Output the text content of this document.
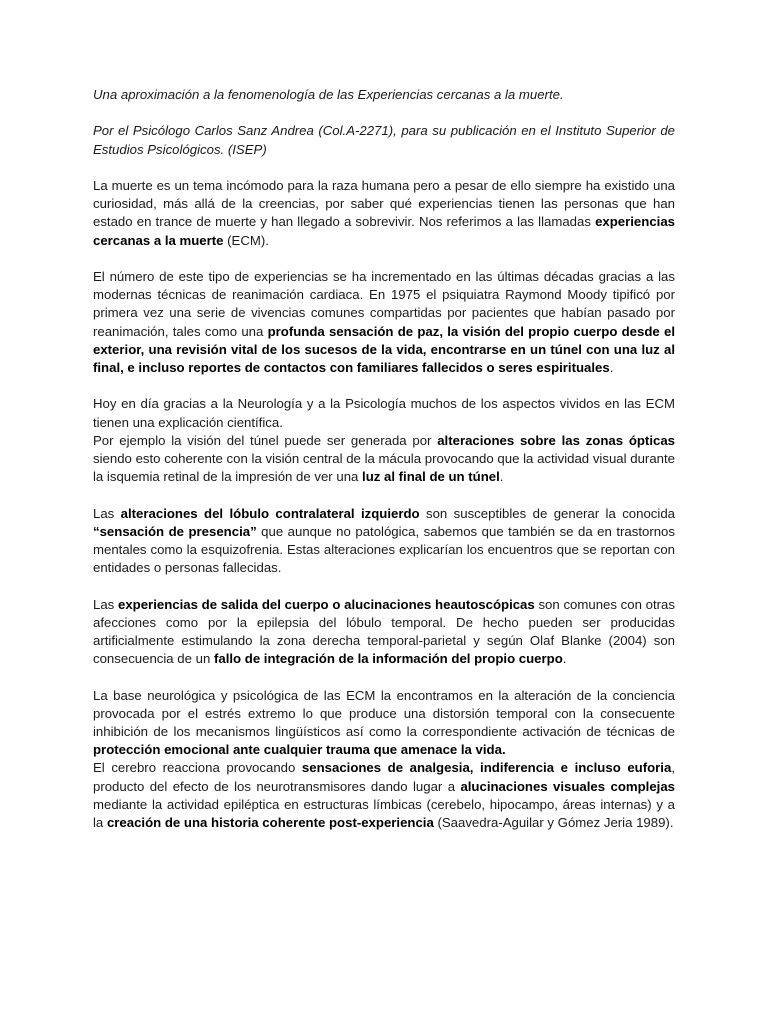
Una aproximación a la fenomenología de las Experiencias cercanas a la muerte.

Por el Psicólogo Carlos Sanz Andrea (Col.A-2271), para su publicación en el Instituto Superior de Estudios Psicológicos. (ISEP)

La muerte es un tema incómodo para la raza humana pero a pesar de ello siempre ha existido una curiosidad, más allá de la creencias, por saber qué experiencias tienen las personas que han estado en trance de muerte y han llegado a sobrevivir. Nos referimos a las llamadas experiencias cercanas a la muerte (ECM).

El número de este tipo de experiencias se ha incrementado en las últimas décadas gracias a las modernas técnicas de reanimación cardiaca. En 1975 el psiquiatra Raymond Moody tipificó por primera vez una serie de vivencias comunes compartidas por pacientes que habían pasado por reanimación, tales como una profunda sensación de paz, la visión del propio cuerpo desde el exterior, una revisión vital de los sucesos de la vida, encontrarse en un túnel con una luz al final, e incluso reportes de contactos con familiares fallecidos o seres espirituales.

Hoy en día gracias a la Neurología y a la Psicología muchos de los aspectos vividos en las ECM tienen una explicación científica.

Por ejemplo la visión del túnel puede ser generada por alteraciones sobre las zonas ópticas siendo esto coherente con la visión central de la mácula provocando que la actividad visual durante la isquemia retinal de la impresión de ver una luz al final de un túnel.

Las alteraciones del lóbulo contralateral izquierdo son susceptibles de generar la conocida “sensación de presencia” que aunque no patológica, sabemos que también se da en trastornos mentales como la esquizofrenia. Estas alteraciones explicarían los encuentros que se reportan con entidades o personas fallecidas.

Las experiencias de salida del cuerpo o alucinaciones heautoscópicas son comunes con otras afecciones como por la epilepsia del lóbulo temporal. De hecho pueden ser producidas artificialmente estimulando la zona derecha temporal-parietal y según Olaf Blanke (2004) son consecuencia de un fallo de integración de la información del propio cuerpo.

La base neurológica y psicológica de las ECM la encontramos en la alteración de la conciencia provocada por el estrés extremo lo que produce una distorsión temporal con la consecuente inhibición de los mecanismos lingüísticos así como la correspondiente activación de técnicas de protección emocional ante cualquier trauma que amenace la vida.

El cerebro reacciona provocando sensaciones de analgesia, indiferencia e incluso euforia, producto del efecto de los neurotransmisores dando lugar a alucinaciones visuales complejas mediante la actividad epiléptica en estructuras límbicas (cerebelo, hipocampo, áreas internas) y a la creación de una historia coherente post-experiencia (Saavedra-Aguilar y Gómez Jeria 1989).
